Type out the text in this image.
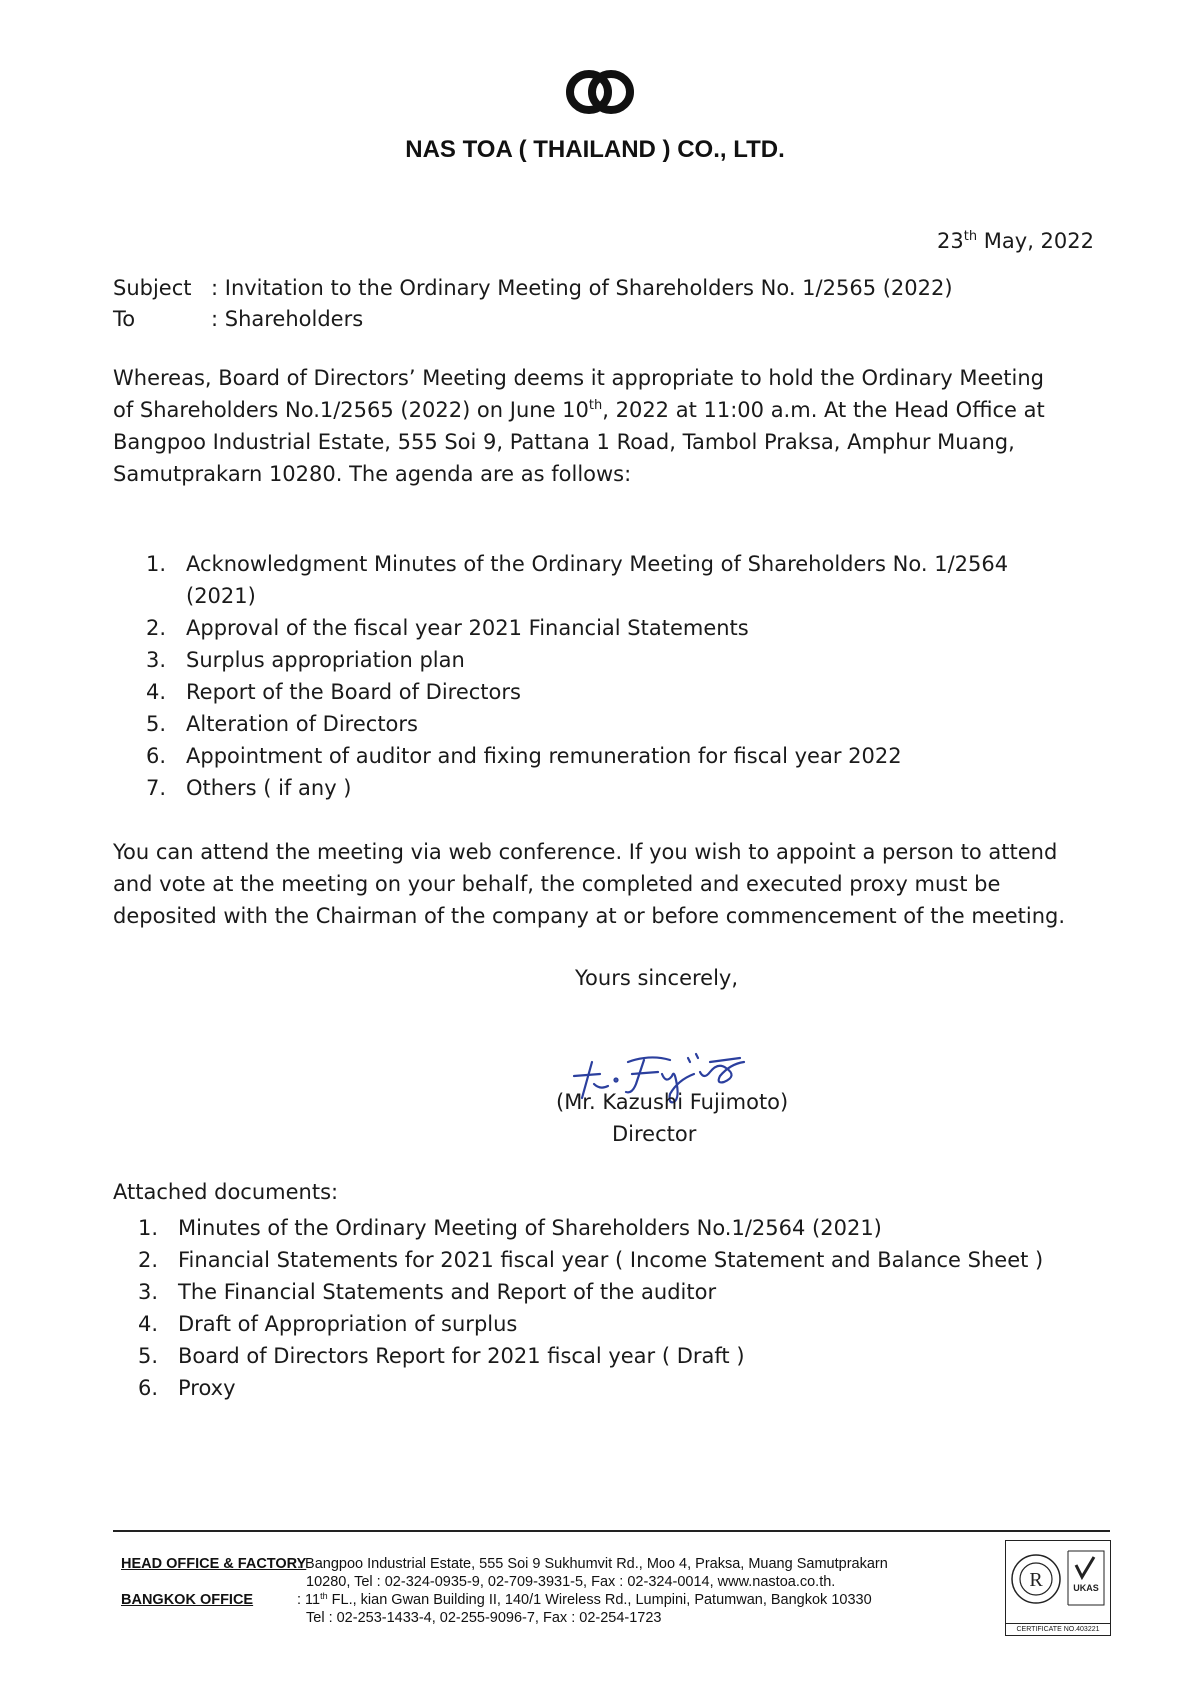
NAS TOA ( THAILAND ) CO., LTD.
23th May, 2022
Subject : Invitation to the Ordinary Meeting of Shareholders No. 1/2565 (2022)
To	: Shareholders
Whereas, Board of Directors’ Meeting deems it appropriate to hold the Ordinary Meeting
of Shareholders No.1/2565 (2022) on June 10th, 2022 at 11:00 a.m. At the Head Office at
Bangpoo Industrial Estate, 555 Soi 9, Pattana 1 Road, Tambol Praksa, Amphur Muang,
Samutprakarn 10280. The agenda are as follows:
1. Acknowledgment Minutes of the Ordinary Meeting of Shareholders No. 1/2564
(2021)
2. Approval of the fiscal year 2021 Financial Statements
3. Surplus appropriation plan
4. Report of the Board of Directors
5. Alteration of Directors
6. Appointment of auditor and fixing remuneration for fiscal year 2022
7. Others ( if any )
You can attend the meeting via web conference. If you wish to appoint a person to attend
and vote at the meeting on your behalf, the completed and executed proxy must be
deposited with the Chairman of the company at or before commencement of the meeting.
Yours sincerely,
(Mr. Kazushi Fujimoto)
Director
Attached documents:
1. Minutes of the Ordinary Meeting of Shareholders No.1/2564 (2021)
2. Financial Statements for 2021 fiscal year ( Income Statement and Balance Sheet )
3. The Financial Statements and Report of the auditor
4. Draft of Appropriation of surplus
5. Board of Directors Report for 2021 fiscal year ( Draft )
6. Proxy
HEAD OFFICE & FACTORY
: Bangpoo Industrial Estate, 555 Soi 9 Sukhumvit Rd., Moo 4, Praksa, Muang Samutprakarn
10280, Tel : 02-324-0935-9, 02-709-3931-5, Fax : 02-324-0014, www.nastoa.co.th.
BANGKOK OFFICE	: 11th FL., kian Gwan Building II, 140/1 Wireless Rd., Lumpini, Patumwan, Bangkok 10330
Tel : 02-253-1433-4, 02-255-9096-7, Fax : 02-254-1723
R	UKAS
CERTIFICATE NO.403221
